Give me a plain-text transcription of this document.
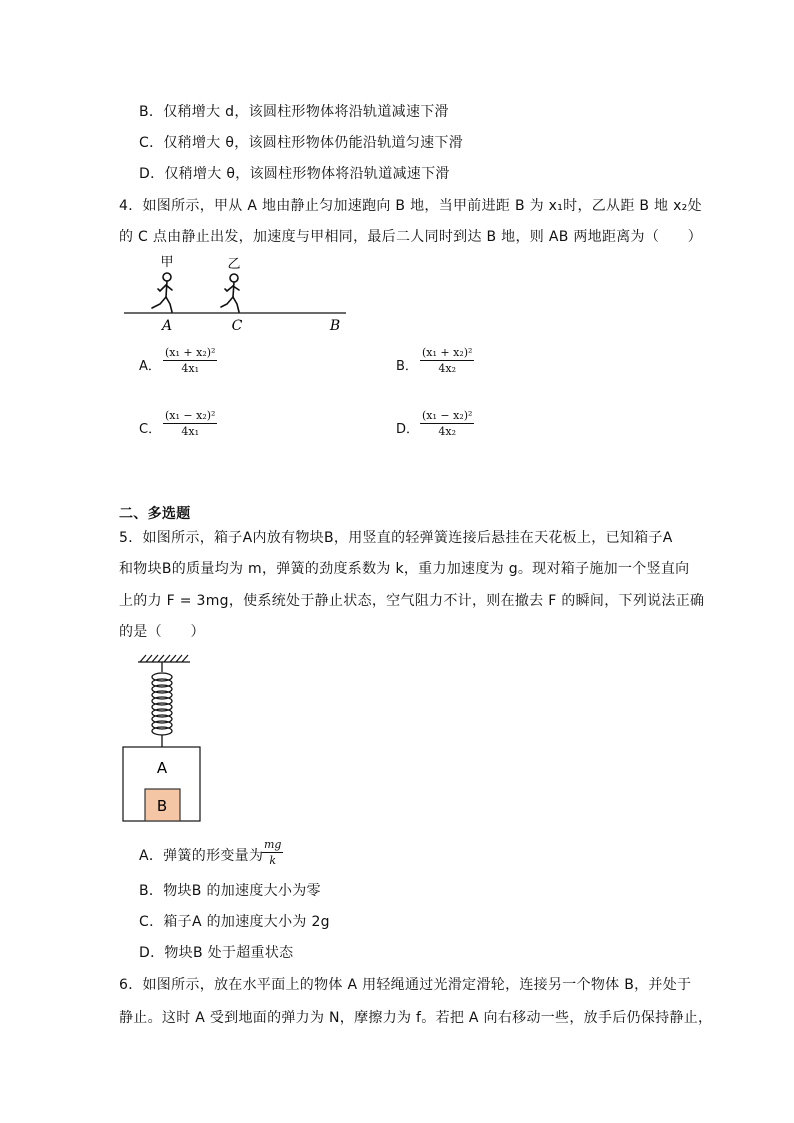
B．仅稍增大 d，该圆柱形物体将沿轨道减速下滑
C．仅稍增大 θ，该圆柱形物体仍能沿轨道匀速下滑
D．仅稍增大 θ，该圆柱形物体将沿轨道减速下滑
4．如图所示，甲从 A 地由静止匀加速跑向 B 地，当甲前进距 B 为 x₁时，乙从距 B 地 x₂处
的 C 点由静止出发，加速度与甲相同，最后二人同时到达 B 地，则 AB 两地距离为（　　）
甲	乙
A	C	B
A． $\frac{\text{(x₁ + x₂)²}}{\text{4x₁}}$	B． $\frac{\text{(x₁ + x₂)²}}{\text{4x₂}}$
C． $\frac{\text{(x₁ − x₂)²}}{\text{4x₁}}$	D． $\frac{\text{(x₁ − x₂)²}}{\text{4x₂}}$
二、多选题
5．如图所示，箱子A内放有物块B，用竖直的轻弹簧连接后悬挂在天花板上，已知箱子A
和物块B的质量均为 m，弹簧的劲度系数为 k，重力加速度为 g。现对箱子施加一个竖直向
上的力 F = 3mg，使系统处于静止状态，空气阻力不计，则在撤去 F 的瞬间，下列说法正确
的是（　　）
A
B
A．弹簧的形变量为
$\frac{mg}{k}$
B．物块B 的加速度大小为零
C．箱子A 的加速度大小为 2g
D．物块B 处于超重状态
6．如图所示，放在水平面上的物体 A 用轻绳通过光滑定滑轮，连接另一个物体 B，并处于
静止。这时 A 受到地面的弹力为 N，摩擦力为 f。若把 A 向右移动一些，放手后仍保持静止，
